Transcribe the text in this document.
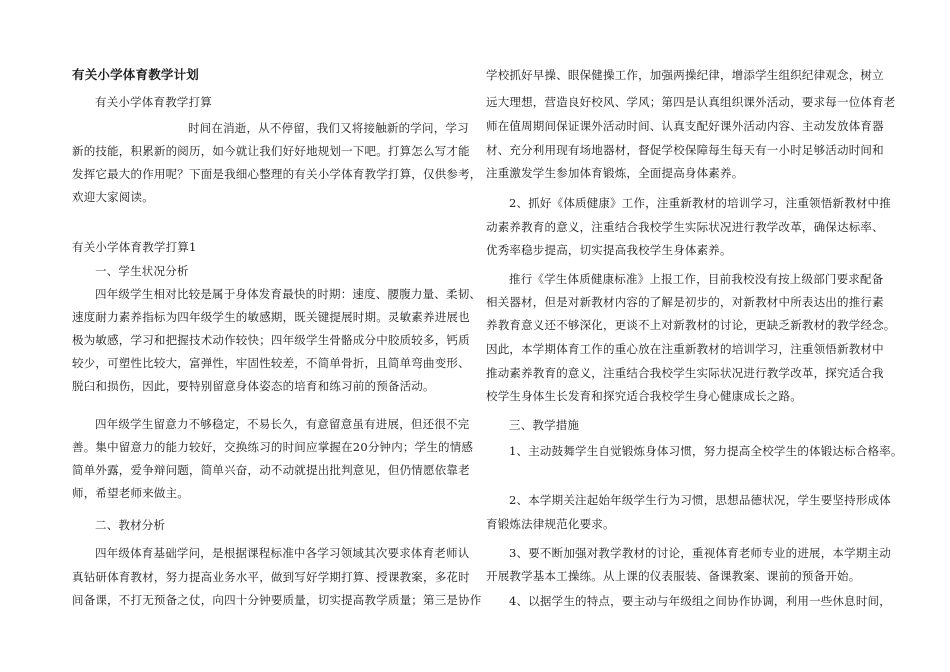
有关小学体育教学计划
有关小学体育教学打算
时间在消逝，从不停留，我们又将接触新的学问，学习
新的技能，积累新的阅历，如今就让我们好好地规划一下吧。打算怎么写才能
发挥它最大的作用呢？下面是我细心整理的有关小学体育教学打算，仅供参考，
欢迎大家阅读。
有关小学体育教学打算1
一、学生状况分析
四年级学生相对比较是属于身体发育最快的时期：速度、腰腹力量、柔韧、
速度耐力素养指标为四年级学生的敏感期，既关键提展时期。灵敏素养进展也
极为敏感，学习和把握技术动作较快；四年级学生骨骼成分中胶质较多，钙质
较少，可塑性比较大，富弹性，牢固性较差，不简单骨折，且简单弯曲变形、
脱臼和损伤，因此，要特别留意身体姿态的培育和练习前的预备活动。
四年级学生留意力不够稳定，不易长久，有意留意虽有进展，但还很不完
善。集中留意力的能力较好，交换练习的时间应掌握在20分钟内；学生的情感
简单外露，爱争辩问题，简单兴奋，动不动就提出批判意见，但仍情愿依靠老
师，希望老师来做主。
二、教材分析
四年级体育基础学问，是根据课程标准中各学习领域其次要求体育老师认
真钻研体育教材，努力提高业务水平，做到写好学期打算、授课教案，多花时
间备课，不打无预备之仗，向四十分钟要质量，切实提高教学质量；第三是协作
学校抓好早操、眼保健操工作，加强两操纪律，增添学生组织纪律观念，树立
远大理想，营造良好校风、学风；第四是认真组织课外活动，要求每一位体育老
师在值周期间保证课外活动时间、认真支配好课外活动内容、主动发放体育器
材、充分利用现有场地器材，督促学校保障每生每天有一小时足够活动时间和
注重激发学生参加体育锻炼，全面提高身体素养。
2、抓好《体质健康》工作，注重新教材的培训学习，注重领悟新教材中推
动素养教育的意义，注重结合我校学生实际状况进行教学改革，确保达标率、
优秀率稳步提高，切实提高我校学生身体素养。
推行《学生体质健康标准》上报工作，目前我校没有按上级部门要求配备
相关器材，但是对新教材内容的了解是初步的，对新教材中所表达出的推行素
养教育意义还不够深化，更谈不上对新教材的讨论，更缺乏新教材的教学经念。
因此，本学期体育工作的重心放在注重新教材的培训学习，注重领悟新教材中
推动素养教育的意义，注重结合我校学生实际状况进行教学改革，探究适合我
校学生身体生长发育和探究适合我校学生身心健康成长之路。
三、教学措施
1、主动鼓舞学生自觉锻炼身体习惯，努力提高全校学生的体锻达标合格率。
2、本学期关注起始年级学生行为习惯，思想品德状况，学生要坚持形成体
育锻炼法律规范化要求。
3、要不断加强对教学教材的讨论，重视体育老师专业的进展，本学期主动
开展教学基本工操练。从上课的仪表服装、备课教案、课前的预备开始。
4、以据学生的特点，要主动与年级组之间协作协调，利用一些休息时间，
